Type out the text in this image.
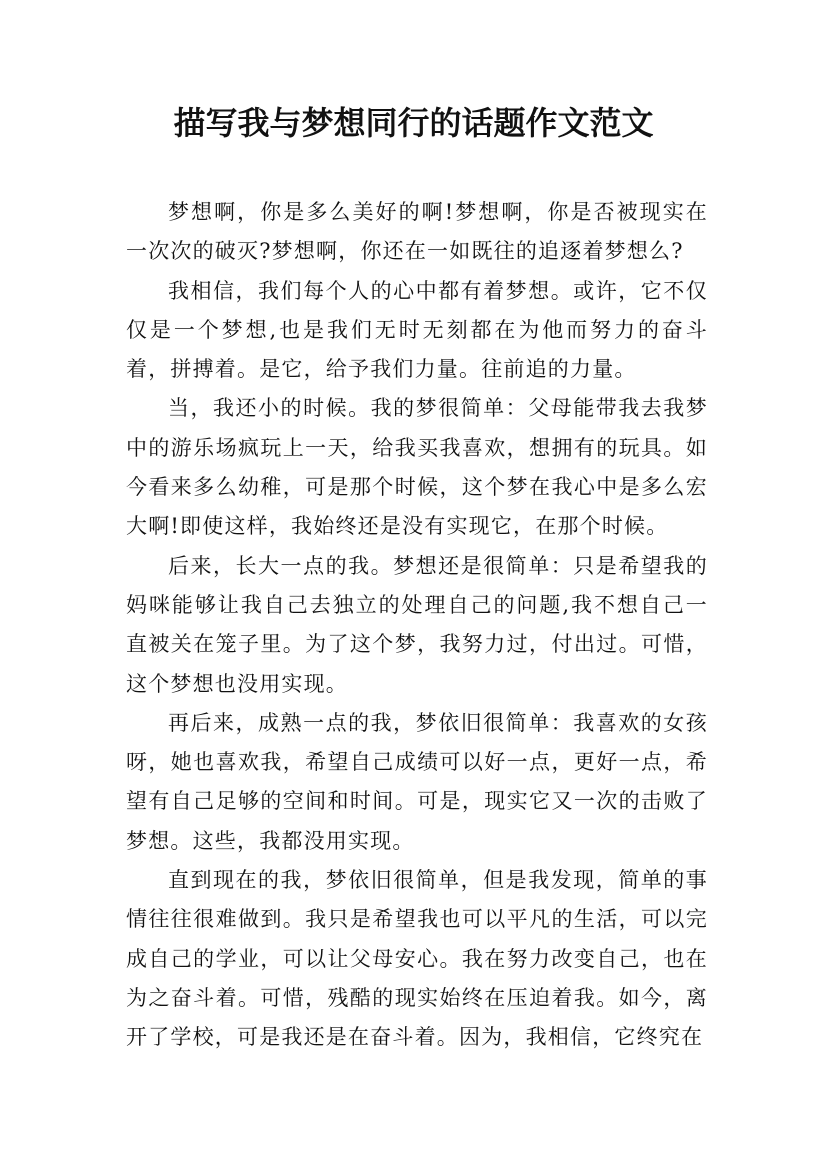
描写我与梦想同行的话题作文范文

梦想啊，你是多么美好的啊!梦想啊，你是否被现实在一次次的破灭?梦想啊，你还在一如既往的追逐着梦想么?

我相信，我们每个人的心中都有着梦想。或许，它不仅仅是一个梦想,也是我们无时无刻都在为他而努力的奋斗着，拼搏着。是它，给予我们力量。往前追的力量。

当，我还小的时候。我的梦很简单：父母能带我去我梦中的游乐场疯玩上一天，给我买我喜欢，想拥有的玩具。如今看来多么幼稚，可是那个时候，这个梦在我心中是多么宏大啊!即使这样，我始终还是没有实现它，在那个时候。

后来，长大一点的我。梦想还是很简单：只是希望我的妈咪能够让我自己去独立的处理自己的问题,我不想自己一直被关在笼子里。为了这个梦，我努力过，付出过。可惜，这个梦想也没用实现。

再后来，成熟一点的我，梦依旧很简单：我喜欢的女孩呀，她也喜欢我，希望自己成绩可以好一点，更好一点，希望有自己足够的空间和时间。可是，现实它又一次的击败了梦想。这些，我都没用实现。

直到现在的我，梦依旧很简单，但是我发现，简单的事情往往很难做到。我只是希望我也可以平凡的生活，可以完成自己的学业，可以让父母安心。我在努力改变自己，也在为之奋斗着。可惜，残酷的现实始终在压迫着我。如今，离开了学校，可是我还是在奋斗着。因为，我相信，它终究在
